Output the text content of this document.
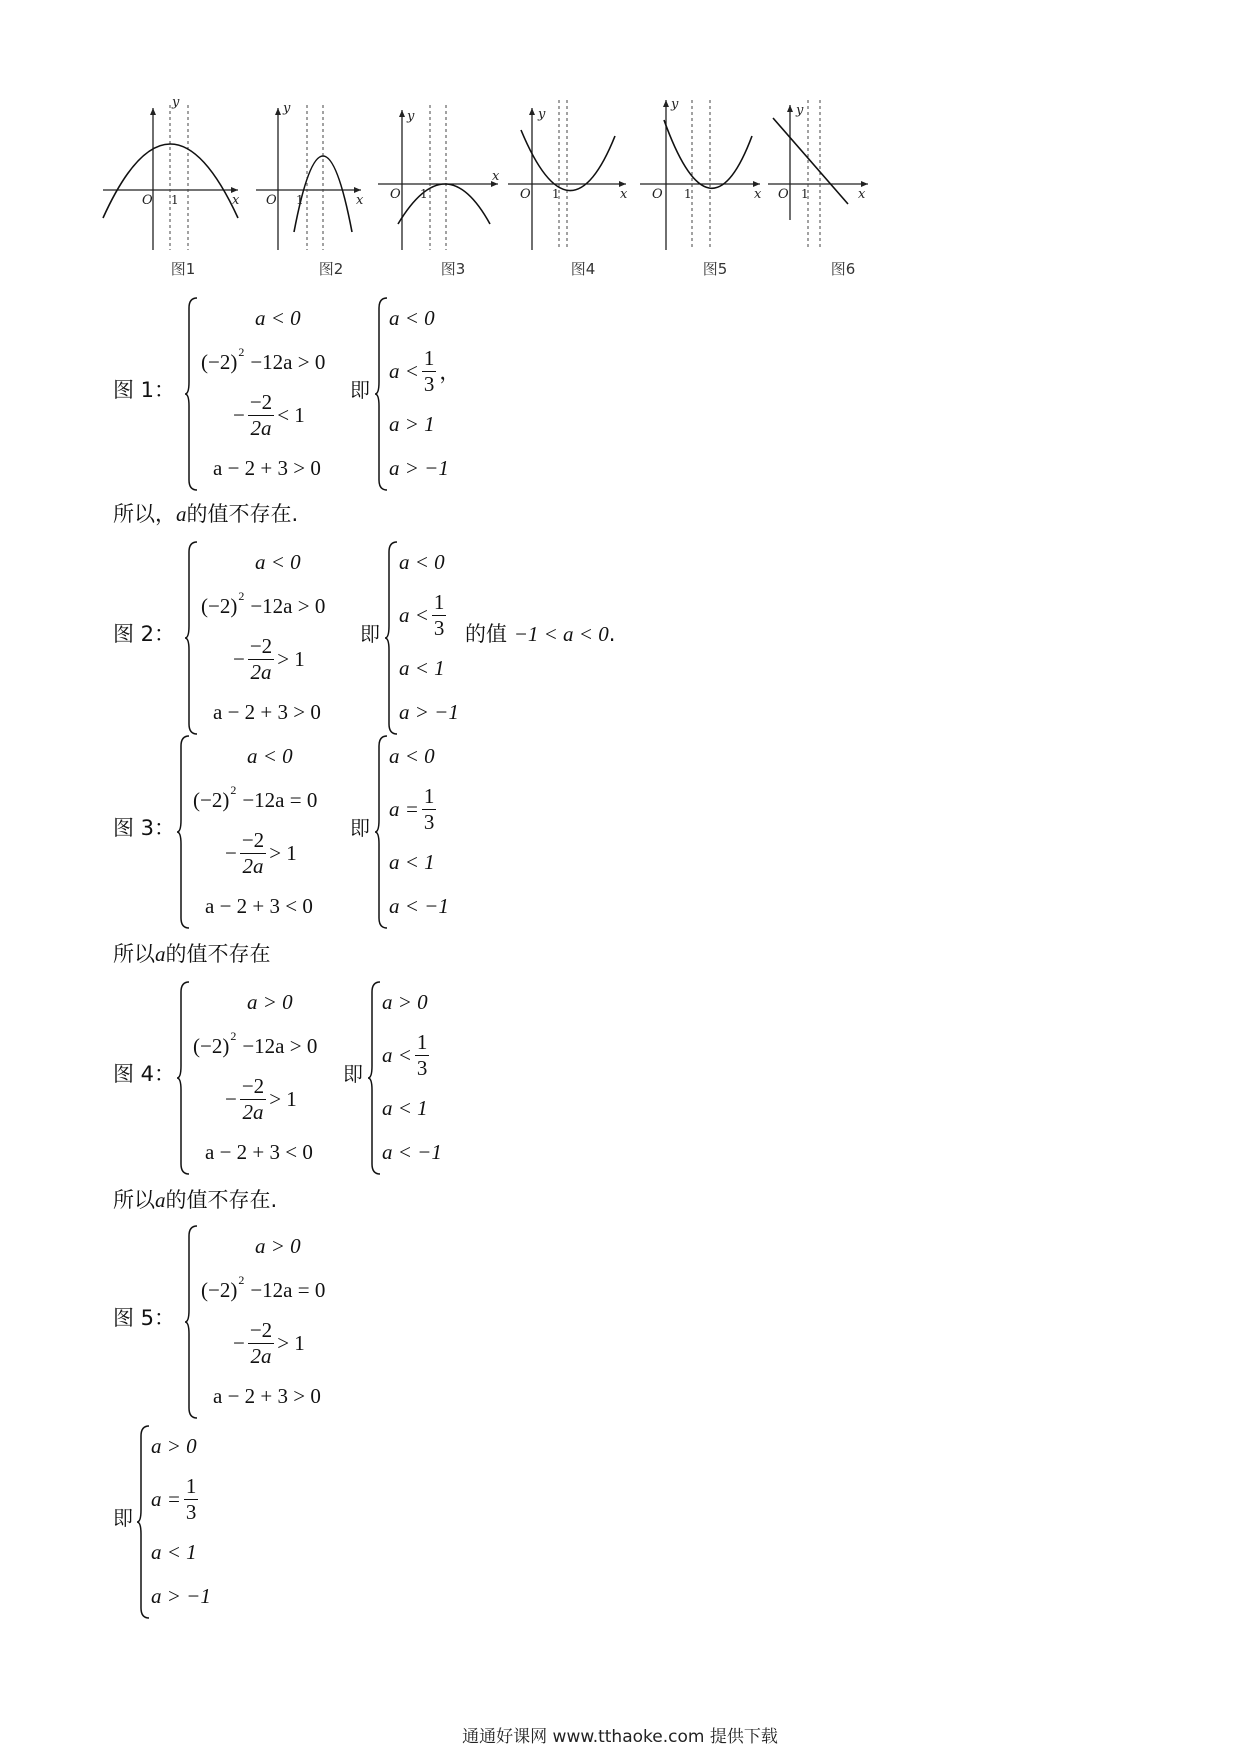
O 1	x
y
图1
O 1	x
y
图2
O 1
x
y
图3
O 1	x
y
图4
O 1	x
y
图5
O 1	x
y
图6
图 1：
a < 0
(−2) 2 −12a > 0
− $\frac{-2}{2a} < 1$
a − 2 + 3 > 0
即
a < 0
$a < \frac{1}{3}$ ，
a > 1
a > −1
所以，a的值不存在.
图 2：
a < 0
(−2) 2 −12a > 0
− $\frac{-2}{2a} > 1$
a − 2 + 3 > 0
即
a < 0
$a < \frac{1}{3}$
a < 1
a > −1
的值 −1 < a < 0.
图 3：
a < 0
(−2) 2 −12a = 0
− $\frac{-2}{2a} > 1$
a − 2 + 3 < 0
即
a < 0
$a = \frac{1}{3}$
a < 1
a < −1
所以a的值不存在
图 4：
a > 0
(−2) 2 −12a > 0
− $\frac{-2}{2a} > 1$
a − 2 + 3 < 0
即
a > 0
$a < \frac{1}{3}$
a < 1
a < −1
所以a的值不存在.
图 5：
a > 0
(−2) 2 −12a = 0
− $\frac{-2}{2a} > 1$
a − 2 + 3 > 0
即
a > 0
$a = \frac{1}{3}$
a < 1
a > −1
通通好课网 www.tthaoke.com 提供下载
